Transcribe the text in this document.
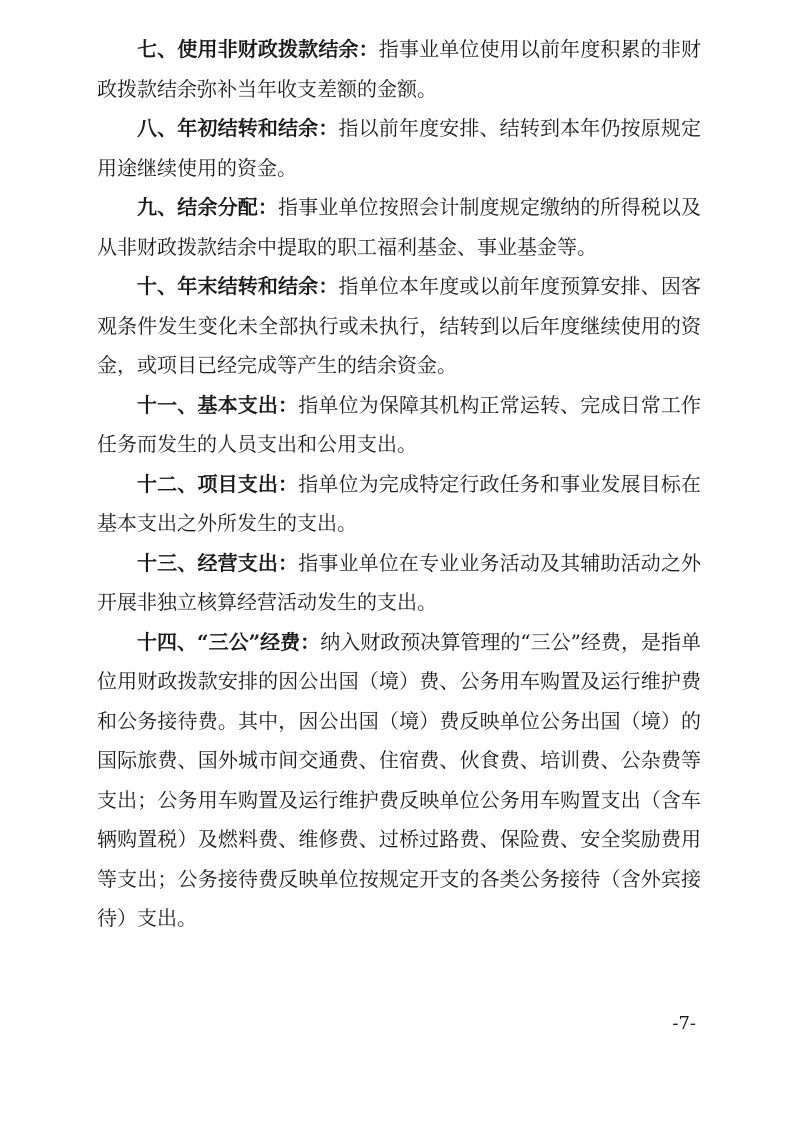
七、使用非财政拨款结余：指事业单位使用以前年度积累的非财政拨款结余弥补当年收支差额的金额。

八、年初结转和结余：指以前年度安排、结转到本年仍按原规定用途继续使用的资金。

九、结余分配：指事业单位按照会计制度规定缴纳的所得税以及从非财政拨款结余中提取的职工福利基金、事业基金等。

十、年末结转和结余：指单位本年度或以前年度预算安排、因客观条件发生变化未全部执行或未执行，结转到以后年度继续使用的资金，或项目已经完成等产生的结余资金。

十一、基本支出：指单位为保障其机构正常运转、完成日常工作任务而发生的人员支出和公用支出。

十二、项目支出：指单位为完成特定行政任务和事业发展目标在基本支出之外所发生的支出。

十三、经营支出：指事业单位在专业业务活动及其辅助活动之外开展非独立核算经营活动发生的支出。

十四、“三公”经费：纳入财政预决算管理的“三公”经费，是指单位用财政拨款安排的因公出国（境）费、公务用车购置及运行维护费和公务接待费。其中，因公出国（境）费反映单位公务出国（境）的国际旅费、国外城市间交通费、住宿费、伙食费、培训费、公杂费等支出；公务用车购置及运行维护费反映单位公务用车购置支出（含车辆购置税）及燃料费、维修费、过桥过路费、保险费、安全奖励费用等支出；公务接待费反映单位按规定开支的各类公务接待（含外宾接待）支出。

-7-
